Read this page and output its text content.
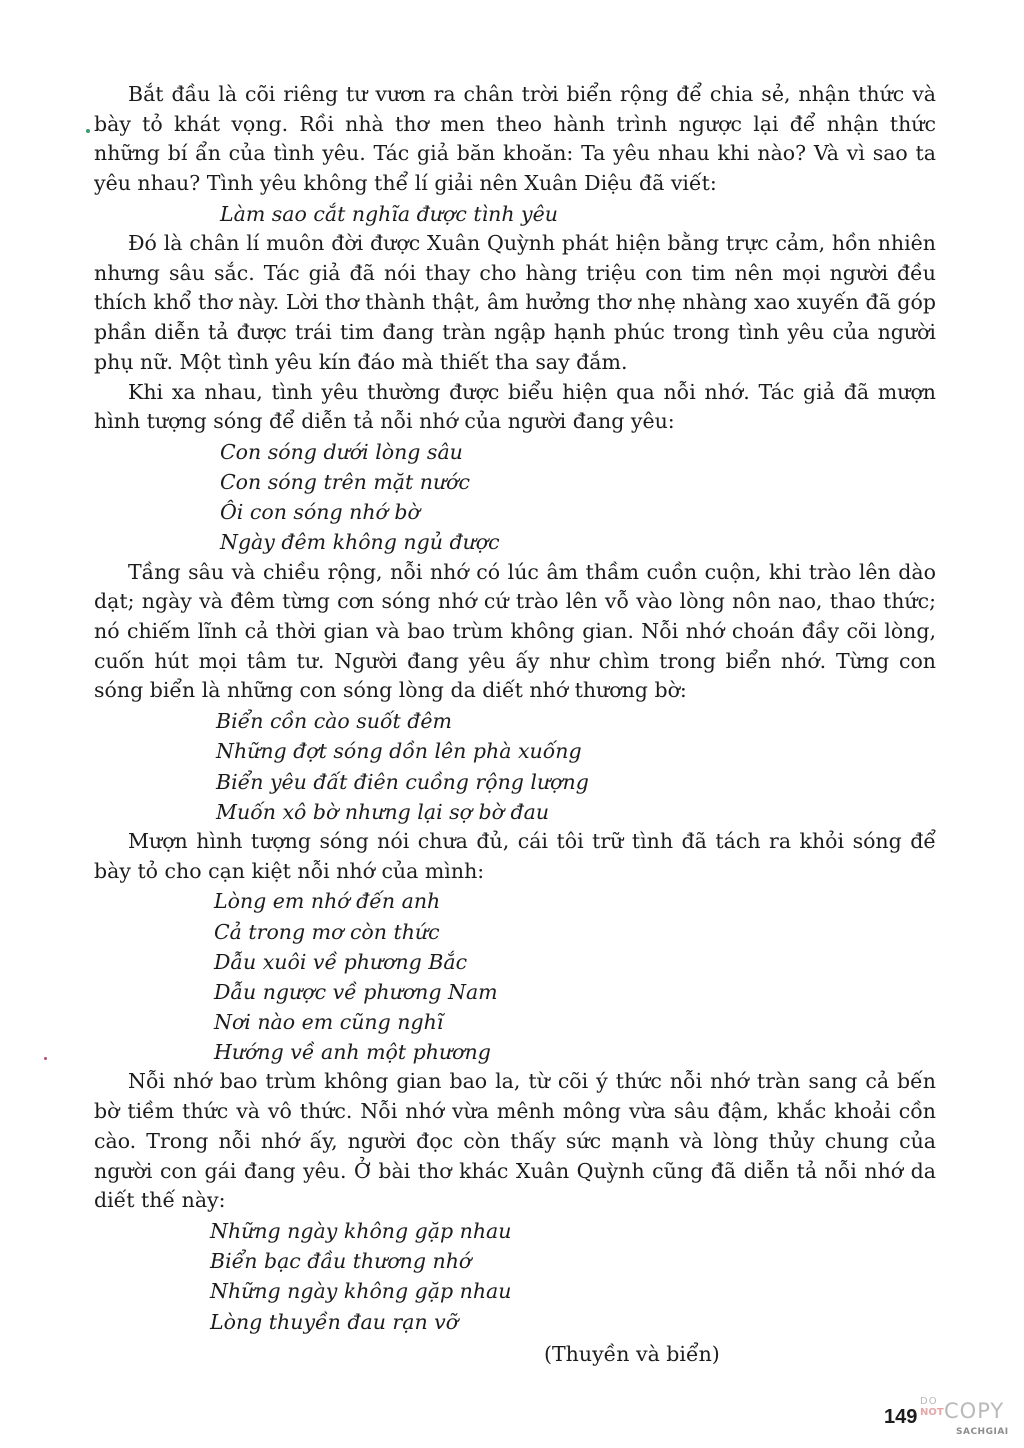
Bắt đầu là cõi riêng tư vươn ra chân trời biển rộng để chia sẻ, nhận thức và bày tỏ khát vọng. Rồi nhà thơ men theo hành trình ngược lại để nhận thức những bí ẩn của tình yêu. Tác giả băn khoăn: Ta yêu nhau khi nào? Và vì sao ta yêu nhau? Tình yêu không thể lí giải nên Xuân Diệu đã viết:

Làm sao cắt nghĩa được tình yêu

Đó là chân lí muôn đời được Xuân Quỳnh phát hiện bằng trực cảm, hồn nhiên nhưng sâu sắc. Tác giả đã nói thay cho hàng triệu con tim nên mọi người đều thích khổ thơ này. Lời thơ thành thật, âm hưởng thơ nhẹ nhàng xao xuyến đã góp phần diễn tả được trái tim đang tràn ngập hạnh phúc trong tình yêu của người phụ nữ. Một tình yêu kín đáo mà thiết tha say đắm.

Khi xa nhau, tình yêu thường được biểu hiện qua nỗi nhớ. Tác giả đã mượn hình tượng sóng để diễn tả nỗi nhớ của người đang yêu:

Con sóng dưới lòng sâu
Con sóng trên mặt nước
Ôi con sóng nhớ bờ
Ngày đêm không ngủ được

Tầng sâu và chiều rộng, nỗi nhớ có lúc âm thầm cuồn cuộn, khi trào lên dào dạt; ngày và đêm từng cơn sóng nhớ cứ trào lên vỗ vào lòng nôn nao, thao thức; nó chiếm lĩnh cả thời gian và bao trùm không gian. Nỗi nhớ choán đầy cõi lòng, cuốn hút mọi tâm tư. Người đang yêu ấy như chìm trong biển nhớ. Từng con sóng biển là những con sóng lòng da diết nhớ thương bờ:

Biển cồn cào suốt đêm
Những đợt sóng dồn lên phà xuống
Biển yêu đất điên cuồng rộng lượng
Muốn xô bờ nhưng lại sợ bờ đau

Mượn hình tượng sóng nói chưa đủ, cái tôi trữ tình đã tách ra khỏi sóng để bày tỏ cho cạn kiệt nỗi nhớ của mình:

Lòng em nhớ đến anh
Cả trong mơ còn thức
Dẫu xuôi về phương Bắc
Dẫu ngược về phương Nam
Nơi nào em cũng nghĩ
Hướng về anh một phương

Nỗi nhớ bao trùm không gian bao la, từ cõi ý thức nỗi nhớ tràn sang cả bến bờ tiềm thức và vô thức. Nỗi nhớ vừa mênh mông vừa sâu đậm, khắc khoải cồn cào. Trong nỗi nhớ ấy, người đọc còn thấy sức mạnh và lòng thủy chung của người con gái đang yêu. Ở bài thơ khác Xuân Quỳnh cũng đã diễn tả nỗi nhớ da diết thế này:

Những ngày không gặp nhau
Biển bạc đầu thương nhớ
Những ngày không gặp nhau
Lòng thuyền đau rạn vỡ
(Thuyền và biển)
149
DO
NOT COPY
SACHGIAI
